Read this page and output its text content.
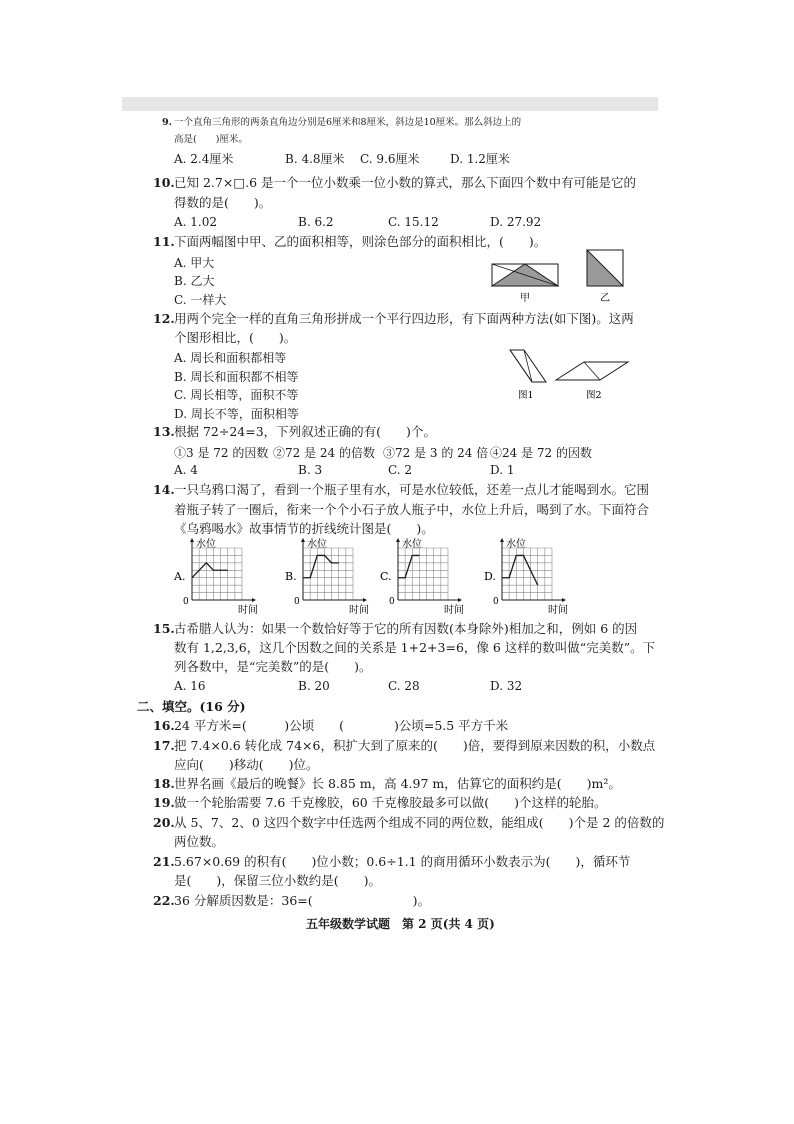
9. 一个直角三角形的两条直角边分别是6厘米和8厘米，斜边是10厘米。那么斜边上的
高是(　　)厘米。
A. 2.4厘米	B. 4.8厘米 C. 9.6厘米	D. 1.2厘米
10. 已知 2.7×□.6 是一个一位小数乘一位小数的算式，那么下面四个数中有可能是它的
得数的是(　　)。
A. 1.02	B. 6.2	C. 15.12	D. 27.92
11. 下面两幅图中甲、乙的面积相等，则涂色部分的面积相比，(　　)。
A. 甲大
B. 乙大
C. 一样大	甲	乙
12. 用两个完全一样的直角三角形拼成一个平行四边形，有下面两种方法(如下图)。这两
个图形相比，(　　)。
A. 周长和面积都相等
B. 周长和面积都不相等
C. 周长相等，面积不等
D. 周长不等，面积相等
图1	图2
13. 根据 72÷24=3，下列叙述正确的有(　　)个。
①3 是 72 的因数 ②72 是 24 的倍数 ③72 是 3 的 24 倍 ④24 是 72 的因数
A. 4	B. 3	C. 2	D. 1
14. 一只乌鸦口渴了，看到一个瓶子里有水，可是水位较低，还差一点儿才能喝到水。它围
着瓶子转了一圈后，衔来一个个小石子放人瓶子中，水位上升后，喝到了水。下面符合
《乌鸦喝水》故事情节的折线统计图是(　　)。
A.
水位
时间
0
B.
水位
时间
0
C.
水位
时间
0
D.
水位
时间
0
15. 古希腊人认为：如果一个数恰好等于它的所有因数(本身除外)相加之和，例如 6 的因
数有 1,2,3,6，这几个因数之间的关系是 1+2+3=6，像 6 这样的数叫做“完美数”。下
列各数中，是“完美数”的是(　　)。
A. 16	B. 20	C. 28	D. 32
二、填空。(16 分)
16. 24 平方米=(　　　)公顷　　(　　　　)公顷=5.5 平方千米
17. 把 7.4×0.6 转化成 74×6，积扩大到了原来的(　　)倍，要得到原来因数的积，小数点
应向(　　)移动(　　)位。
18. 世界名画《最后的晚餐》长 8.85 m，高 4.97 m，估算它的面积约是(　　)m²。
19. 做一个轮胎需要 7.6 千克橡胶，60 千克橡胶最多可以做(　　)个这样的轮胎。
20. 从 5、7、2、0 这四个数字中任选两个组成不同的两位数，能组成(　　)个是 2 的倍数的
两位数。
21. 5.67×0.69 的积有(　　)位小数；0.6÷1.1 的商用循环小数表示为(　　)，循环节
是(　　)，保留三位小数约是(　　)。
22. 36 分解质因数是：36=(　　　　　　　　)。
五年级数学试题　第 2 页(共 4 页)
